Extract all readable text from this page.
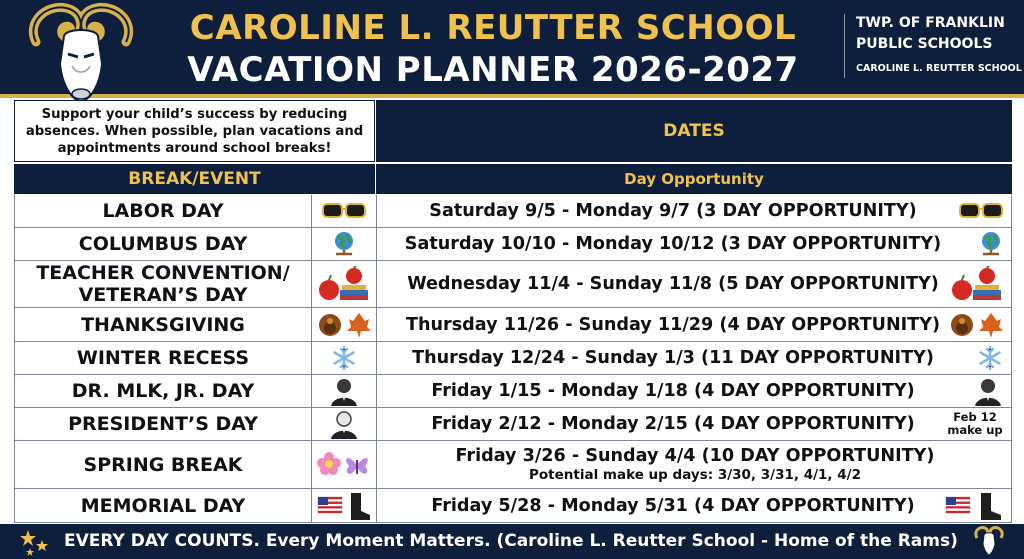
CAROLINE L. REUTTER SCHOOL
VACATION PLANNER 2026-2027
TWP. OF FRANKLIN
PUBLIC SCHOOLS
CAROLINE L. REUTTER SCHOOL
Support your child’s success by reducing
absences. When possible, plan vacations and
appointments around school breaks!
DATES
BREAK/EVENT	Day Opportunity
LABOR DAY	Saturday 9/5 - Monday 9/7 (3 DAY OPPORTUNITY)
COLUMBUS DAY	Saturday 10/10 - Monday 10/12 (3 DAY OPPORTUNITY)
TEACHER CONVENTION/
VETERAN’S DAY	Wednesday 11/4 - Sunday 11/8 (5 DAY OPPORTUNITY)
THANKSGIVING	Thursday 11/26 - Sunday 11/29 (4 DAY OPPORTUNITY)
WINTER RECESS	Thursday 12/24 - Sunday 1/3 (11 DAY OPPORTUNITY)
DR. MLK, JR. DAY	Friday 1/15 - Monday 1/18 (4 DAY OPPORTUNITY)
PRESIDENT’S DAY	Friday 2/12 - Monday 2/15 (4 DAY OPPORTUNITY)	Feb 12
make up
SPRING BREAK	Friday 3/26 - Sunday 4/4 (10 DAY OPPORTUNITY)
Potential make up days: 3/30, 3/31, 4/1, 4/2
MEMORIAL DAY	Friday 5/28 - Monday 5/31 (4 DAY OPPORTUNITY)
EVERY DAY COUNTS. Every Moment Matters. (Caroline L. Reutter School - Home of the Rams)
